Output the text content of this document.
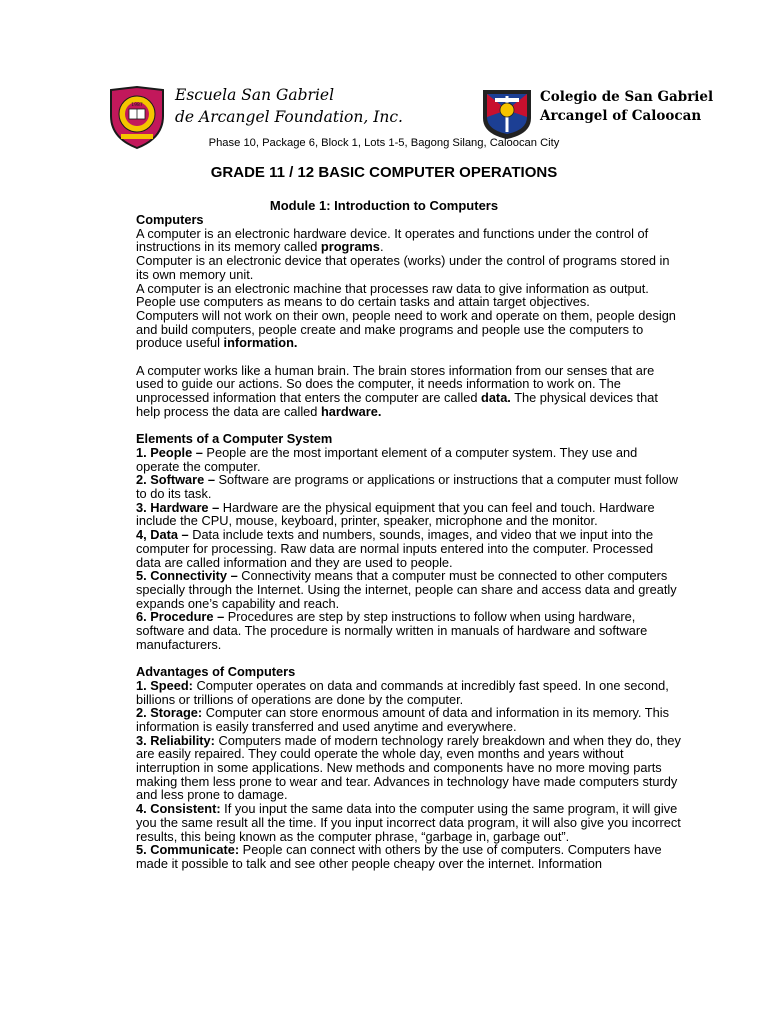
1987
Escuela San Gabriel
de Arcangel Foundation, Inc.
Colegio de San Gabriel
Arcangel of Caloocan
Phase 10, Package 6, Block 1, Lots 1-5, Bagong Silang, Caloocan City
GRADE 11 / 12 BASIC COMPUTER OPERATIONS
Module 1: Introduction to Computers

Computers

A computer is an electronic hardware device. It operates and functions under the control of instructions in its memory called programs.

Computer is an electronic device that operates (works) under the control of programs stored in its own memory unit.

A computer is an electronic machine that processes raw data to give information as output.

People use computers as means to do certain tasks and attain target objectives.

Computers will not work on their own, people need to work and operate on them, people design and build computers, people create and make programs and people use the computers to produce useful information.

A computer works like a human brain. The brain stores information from our senses that are used to guide our actions. So does the computer, it needs information to work on. The unprocessed information that enters the computer are called data. The physical devices that help process the data are called hardware.

Elements of a Computer System

1. People – People are the most important element of a computer system. They use and operate the computer.

2. Software – Software are programs or applications or instructions that a computer must follow to do its task.

3. Hardware – Hardware are the physical equipment that you can feel and touch. Hardware include the CPU, mouse, keyboard, printer, speaker, microphone and the monitor.

4, Data – Data include texts and numbers, sounds, images, and video that we input into the computer for processing. Raw data are normal inputs entered into the computer. Processed data are called information and they are used to people.

5. Connectivity – Connectivity means that a computer must be connected to other computers specially through the Internet. Using the internet, people can share and access data and greatly expands one’s capability and reach.

6. Procedure – Procedures are step by step instructions to follow when using hardware, software and data. The procedure is normally written in manuals of hardware and software manufacturers.

Advantages of Computers

1. Speed: Computer operates on data and commands at incredibly fast speed. In one second, billions or trillions of operations are done by the computer.

2. Storage: Computer can store enormous amount of data and information in its memory. This information is easily transferred and used anytime and everywhere.

3. Reliability: Computers made of modern technology rarely breakdown and when they do, they are easily repaired. They could operate the whole day, even months and years without interruption in some applications. New methods and components have no more moving parts making them less prone to wear and tear. Advances in technology have made computers sturdy and less prone to damage.

4. Consistent: If you input the same data into the computer using the same program, it will give you the same result all the time. If you input incorrect data program, it will also give you incorrect results, this being known as the computer phrase, “garbage in, garbage out”.

5. Communicate: People can connect with others by the use of computers. Computers have made it possible to talk and see other people cheapy over the internet. Information
